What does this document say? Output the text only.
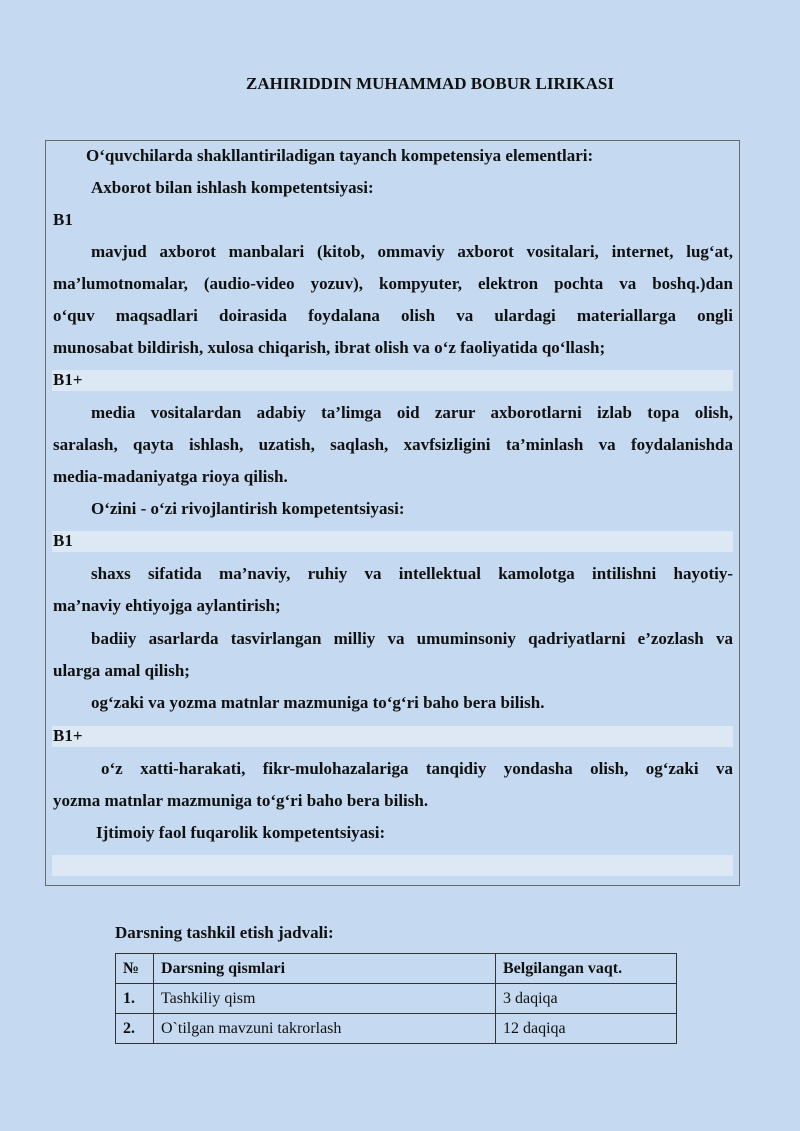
ZAHIRIDDIN MUHAMMAD BOBUR LIRIKASI
O‘quvchilarda shakllantiriladigan tayanch kompetensiya elementlari:
Axborot bilan ishlash kompetentsiyasi:
B1
mavjud axborot manbalari (kitob, ommaviy axborot vositalari, internet, lug‘at,
ma’lumotnomalar, (audio-video yozuv), kompyuter, elektron pochta va boshq.)dan
o‘quv maqsadlari doirasida foydalana olish va ulardagi materiallarga ongli
munosabat bildirish, xulosa chiqarish, ibrat olish va o‘z faoliyatida qo‘llash;
B1+
media vositalardan adabiy ta’limga oid zarur axborotlarni izlab topa olish,
saralash, qayta ishlash, uzatish, saqlash, xavfsizligini ta’minlash va foydalanishda
media-madaniyatga rioya qilish.
O‘zini - o‘zi rivojlantirish kompetentsiyasi:
B1
shaxs sifatida ma’naviy, ruhiy va intellektual kamolotga intilishni hayotiy-
ma’naviy ehtiyojga aylantirish;
badiiy asarlarda tasvirlangan milliy va umuminsoniy qadriyatlarni e’zozlash va
ularga amal qilish;
og‘zaki va yozma matnlar mazmuniga to‘g‘ri baho bera bilish.
B1+
o‘z xatti-harakati, fikr-mulohazalariga tanqidiy yondasha olish, og‘zaki va
yozma matnlar mazmuniga to‘g‘ri baho bera bilish.
Ijtimoiy faol fuqarolik kompetentsiyasi:
Darsning tashkil etish jadvali:
№	Darsning qismlari	Belgilangan vaqt.
1.	Tashkiliy qism	3 daqiqa
2.	O`tilgan mavzuni takrorlash	12 daqiqa
